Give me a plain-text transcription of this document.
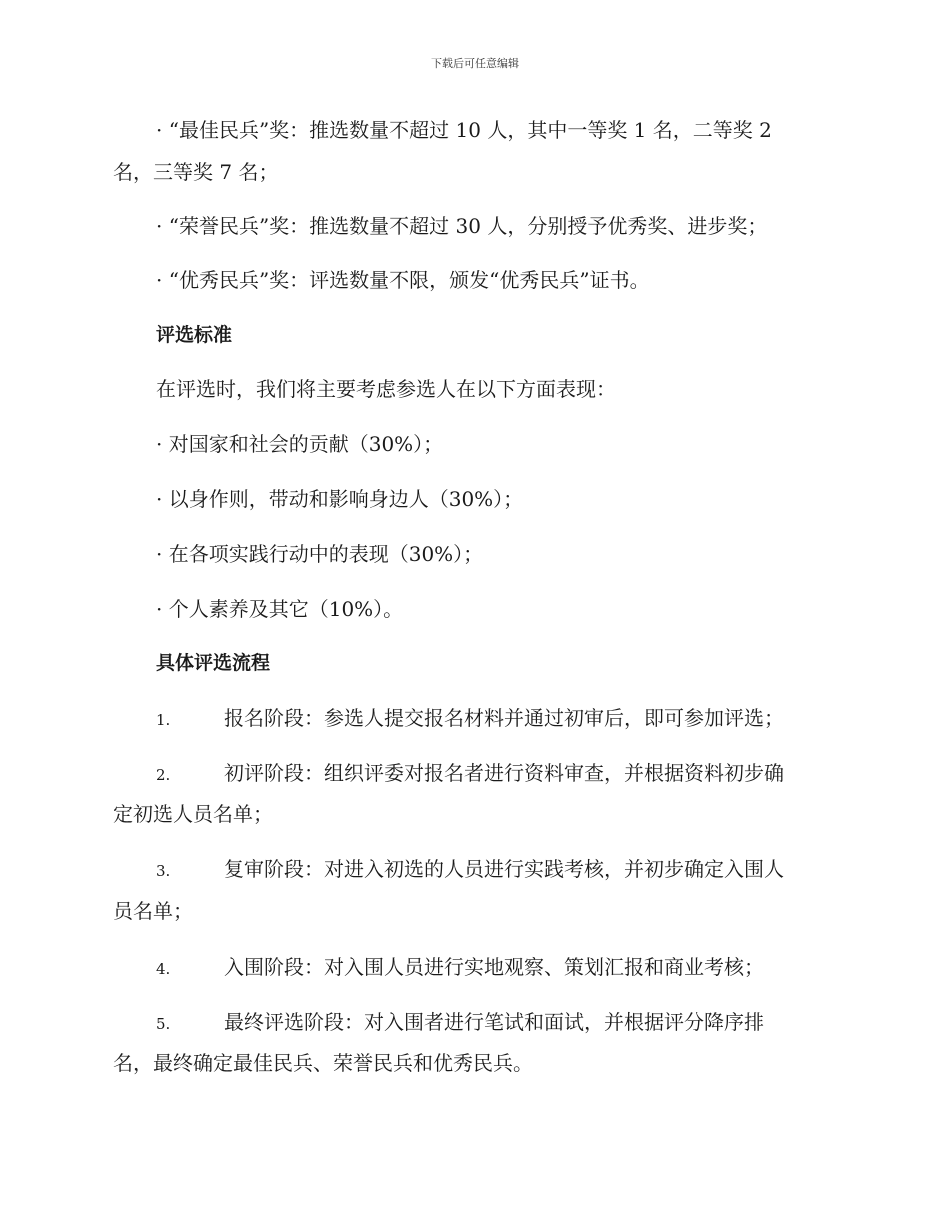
下载后可任意编辑
· “最佳民兵”奖：推选数量不超过 10 人，其中一等奖 1 名，二等奖 2
名，三等奖 7 名；
· “荣誉民兵”奖：推选数量不超过 30 人，分别授予优秀奖、进步奖；
· “优秀民兵”奖：评选数量不限，颁发“优秀民兵”证书。
评选标准
在评选时，我们将主要考虑参选人在以下方面表现：
· 对国家和社会的贡献（30%）；
· 以身作则，带动和影响身边人（30%）；
· 在各项实践行动中的表现（30%）；
· 个人素养及其它（10%）。
具体评选流程
1.	报名阶段：参选人提交报名材料并通过初审后，即可参加评选；
2.	初评阶段：组织评委对报名者进行资料审查，并根据资料初步确
定初选人员名单；
3.	复审阶段：对进入初选的人员进行实践考核，并初步确定入围人
员名单；
4.	入围阶段：对入围人员进行实地观察、策划汇报和商业考核；
5.	最终评选阶段：对入围者进行笔试和面试，并根据评分降序排
名，最终确定最佳民兵、荣誉民兵和优秀民兵。
